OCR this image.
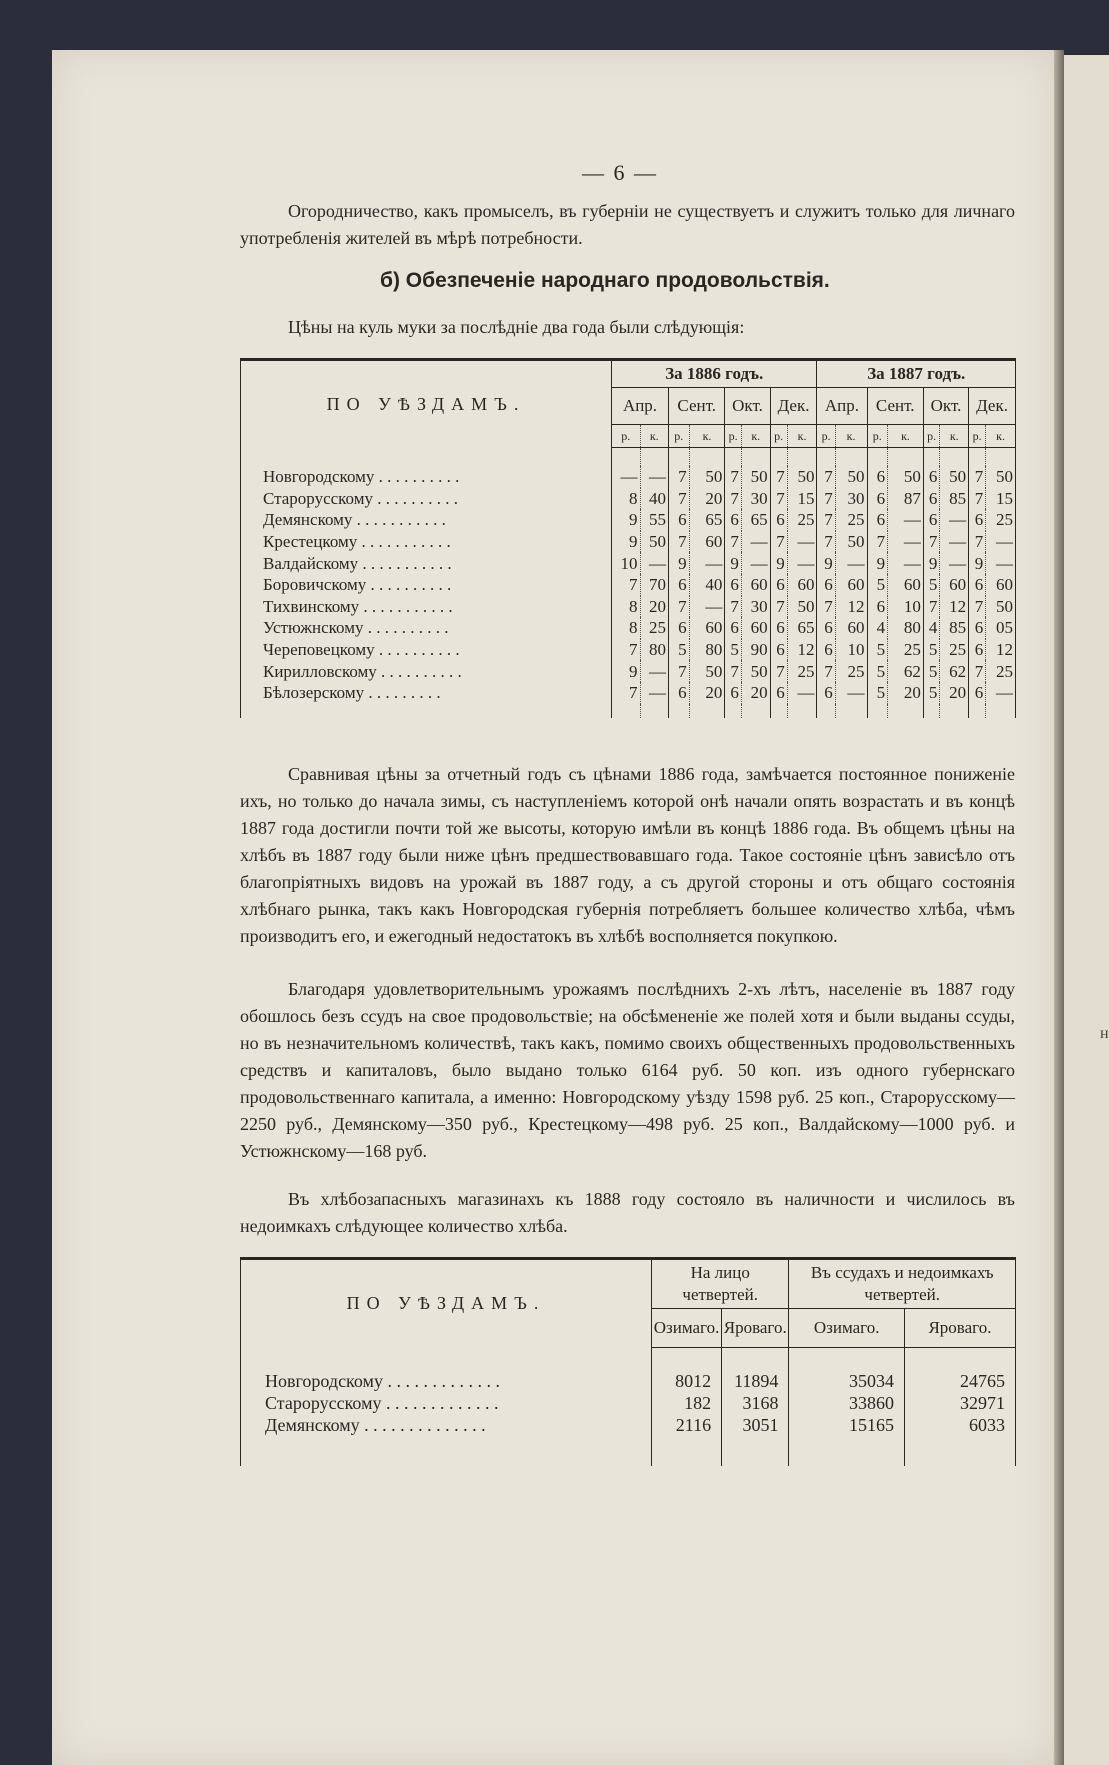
н
— 6 —
Огородничество, какъ промыселъ, въ губерніи не существуетъ и служитъ только для личнаго употребленія жителей въ мѣрѣ потребности.
б) Обезпеченіе народнаго продовольствія.
Цѣны на куль муки за послѣдніе два года были слѣдующія:
ПО УѢЗДАМЪ.	За 1886 годъ.								За 1887 годъ.							
	Апр.		Сент.		Окт.		Дек.		Апр.		Сент.		Окт.		Дек.	
	р.	к.	р.	к.	р.	к.	р.	к.	р.	к.	р.	к.	р.	к.	р.	к.

Новгородскому . . . . . . . . . .	—	—	7	50	7	50	7	50	7	50	6	50	6	50	7	50
Старорусскому . . . . . . . . . .	8	40	7	20	7	30	7	15	7	30	6	87	6	85	7	15
Демянскому . . . . . . . . . . .	9	55	6	65	6	65	6	25	7	25	6	—	6	—	6	25
Крестецкому . . . . . . . . . . .	9	50	7	60	7	—	7	—	7	50	7	—	7	—	7	—
Валдайскому . . . . . . . . . . .	10	—	9	—	9	—	9	—	9	—	9	—	9	—	9	—
Боровичскому . . . . . . . . . .	7	70	6	40	6	60	6	60	6	60	5	60	5	60	6	60
Тихвинскому . . . . . . . . . . .	8	20	7	—	7	30	7	50	7	12	6	10	7	12	7	50
Устюжнскому . . . . . . . . . .	8	25	6	60	6	60	6	65	6	60	4	80	4	85	6	05
Череповецкому . . . . . . . . . .	7	80	5	80	5	90	6	12	6	10	5	25	5	25	6	12
Кирилловскому . . . . . . . . . .	9	—	7	50	7	50	7	25	7	25	5	62	5	62	7	25
Бѣлозерскому . . . . . . . . .	7	—	6	20	6	20	6	—	6	—	5	20	5	20	6	—

Сравнивая цѣны за отчетный годъ съ цѣнами 1886 года, замѣчается постоянное пониженіе ихъ, но только до начала зимы, съ наступленіемъ которой онѣ начали опять возрастать и въ концѣ 1887 года достигли почти той же высоты, которую имѣли въ концѣ 1886 года. Въ общемъ цѣны на хлѣбъ въ 1887 году были ниже цѣнъ предшествовавшаго года. Такое состояніе цѣнъ зависѣло отъ благопріятныхъ видовъ на урожай въ 1887 году, а съ другой стороны и отъ общаго состоянія хлѣбнаго рынка, такъ какъ Новгородская губернія потребляетъ большее количество хлѣба, чѣмъ производитъ его, и ежегодный недостатокъ въ хлѣбѣ восполняется покупкою.
Благодаря удовлетворительнымъ урожаямъ послѣднихъ 2-хъ лѣтъ, населеніе въ 1887 году обошлось безъ ссудъ на свое продовольствіе; на обсѣмененіе же полей хотя и были выданы ссуды, но въ незначительномъ количествѣ, такъ какъ, помимо своихъ общественныхъ продовольственныхъ средствъ и капиталовъ, было выдано только 6164 руб. 50 коп. изъ одного губернскаго продовольственнаго капитала, а именно: Новгородскому уѣзду 1598 руб. 25 коп., Старорусскому—2250 руб., Демянскому—350 руб., Крестецкому—498 руб. 25 коп., Валдайскому—1000 руб. и Устюжнскому—168 руб.
Въ хлѣбозапасныхъ магазинахъ къ 1888 году состояло въ наличности и числилось въ недоимкахъ слѣдующее количество хлѣба.
ПО УѢЗДАМЪ.	На лицо четвертей.		Въ ссудахъ и недоимкахъ четвертей.	
	Озимаго.	Яроваго.	Озимаго.	Яроваго.

Новгородскому . . . . . . . . . . . . .	8012	11894	35034	24765
Старорусскому . . . . . . . . . . . . .	182	3168	33860	32971
Демянскому . . . . . . . . . . . . . .	2116	3051	15165	6033
